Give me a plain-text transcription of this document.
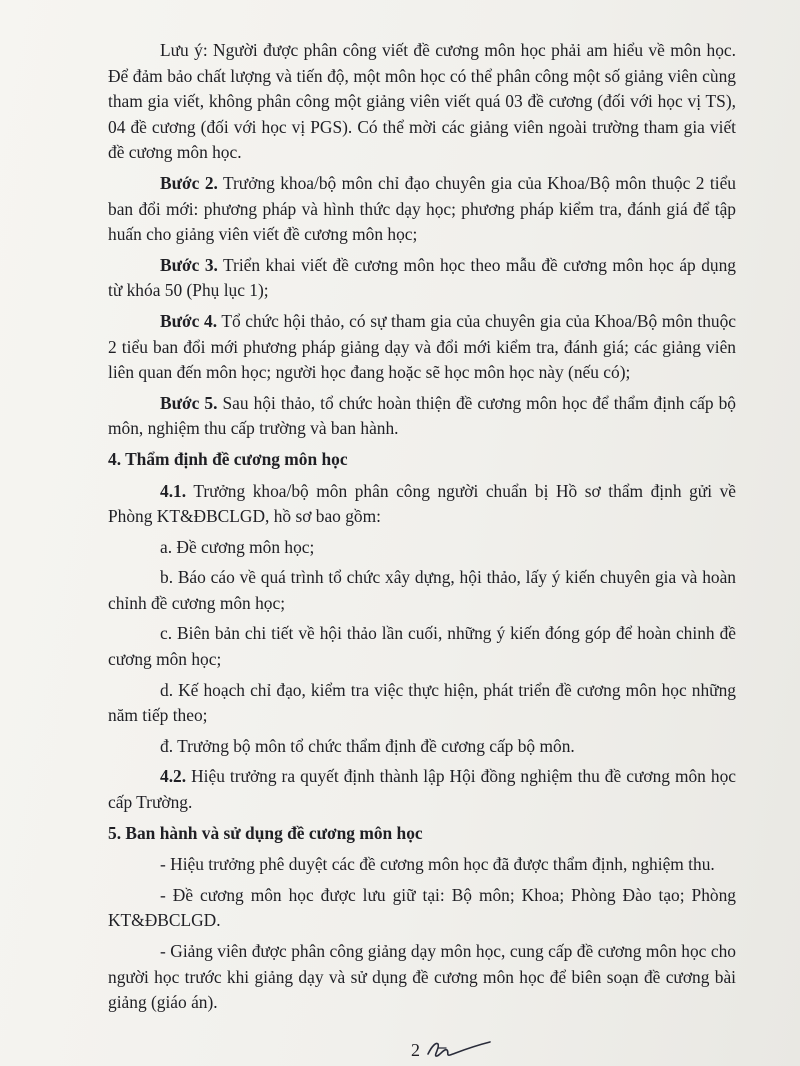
Lưu ý: Người được phân công viết đề cương môn học phải am hiểu về môn học. Để đảm bảo chất lượng và tiến độ, một môn học có thể phân công một số giảng viên cùng tham gia viết, không phân công một giảng viên viết quá 03 đề cương (đối với học vị TS), 04 đề cương (đối với học vị PGS). Có thể mời các giảng viên ngoài trường tham gia viết đề cương môn học.

Bước 2. Trưởng khoa/bộ môn chỉ đạo chuyên gia của Khoa/Bộ môn thuộc 2 tiểu ban đổi mới: phương pháp và hình thức dạy học; phương pháp kiểm tra, đánh giá để tập huấn cho giảng viên viết đề cương môn học;

Bước 3. Triển khai viết đề cương môn học theo mẫu đề cương môn học áp dụng từ khóa 50 (Phụ lục 1);

Bước 4. Tổ chức hội thảo, có sự tham gia của chuyên gia của Khoa/Bộ môn thuộc 2 tiểu ban đổi mới phương pháp giảng dạy và đổi mới kiểm tra, đánh giá; các giảng viên liên quan đến môn học; người học đang hoặc sẽ học môn học này (nếu có);

Bước 5. Sau hội thảo, tổ chức hoàn thiện đề cương môn học để thẩm định cấp bộ môn, nghiệm thu cấp trường và ban hành.

4. Thẩm định đề cương môn học

4.1. Trưởng khoa/bộ môn phân công người chuẩn bị Hồ sơ thẩm định gửi về Phòng KT&ĐBCLGD, hồ sơ bao gồm:

a. Đề cương môn học;

b. Báo cáo về quá trình tổ chức xây dựng, hội thảo, lấy ý kiến chuyên gia và hoàn chỉnh đề cương môn học;

c. Biên bản chi tiết về hội thảo lần cuối, những ý kiến đóng góp để hoàn chinh đề cương môn học;

d. Kế hoạch chỉ đạo, kiểm tra việc thực hiện, phát triển đề cương môn học những năm tiếp theo;

đ. Trưởng bộ môn tổ chức thẩm định đề cương cấp bộ môn.

4.2. Hiệu trưởng ra quyết định thành lập Hội đồng nghiệm thu đề cương môn học cấp Trường.

5. Ban hành và sử dụng đề cương môn học

- Hiệu trưởng phê duyệt các đề cương môn học đã được thẩm định, nghiệm thu.

- Đề cương môn học được lưu giữ tại: Bộ môn; Khoa; Phòng Đào tạo; Phòng KT&ĐBCLGD.

- Giảng viên được phân công giảng dạy môn học, cung cấp đề cương môn học cho người học trước khi giảng dạy và sử dụng đề cương môn học để biên soạn đề cương bài giảng (giáo án).

2
